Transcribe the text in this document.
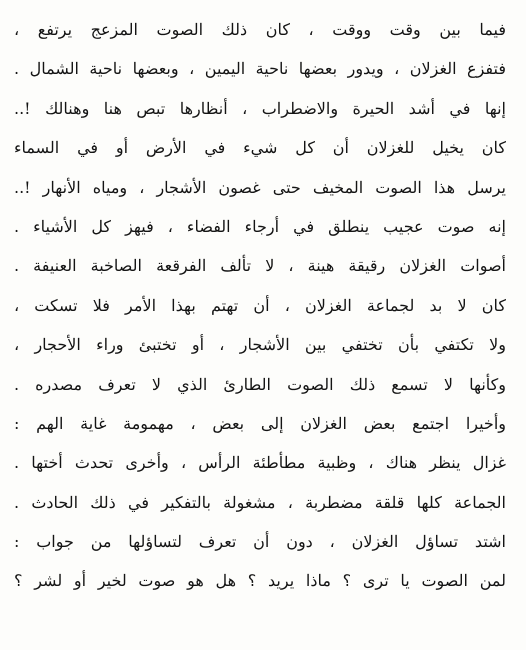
فيما بين وقت ووقت ، كان ذلك الصوت المزعج يرتفع ،
فتفزع الغزلان ، ويدور بعضها ناحية اليمين ، وبعضها ناحية الشمال .
إنها في أشد الحيرة والاضطراب ، أنظارها تبص هنا وهنالك !..
كان يخيل للغزلان أن كل شيء في الأرض أو في السماء
يرسل هذا الصوت المخيف حتى غصون الأشجار ، ومياه الأنهار !..
إنه صوت عجيب ينطلق في أرجاء الفضاء ، فيهز كل الأشياء .
أصوات الغزلان رقيقة هينة ، لا تألف الفرقعة الصاخبة العنيفة .
كان لا بد لجماعة الغزلان ، أن تهتم بهذا الأمر فلا تسكت ،
ولا تكتفي بأن تختفي بين الأشجار ، أو تختبئ وراء الأحجار ،
وكأنها لا تسمع ذلك الصوت الطارئ الذي لا تعرف مصدره .
وأخيرا اجتمع بعض الغزلان إلى بعض ، مهمومة غاية الهم :
غزال ينظر هناك ، وظبية مطأطئة الرأس ، وأخرى تحدث أختها .
الجماعة كلها قلقة مضطربة ، مشغولة بالتفكير في ذلك الحادث .
اشتد تساؤل الغزلان ، دون أن تعرف لتساؤلها من جواب :
لمن الصوت يا ترى ؟ ماذا يريد ؟ هل هو صوت لخير أو لشر ؟
